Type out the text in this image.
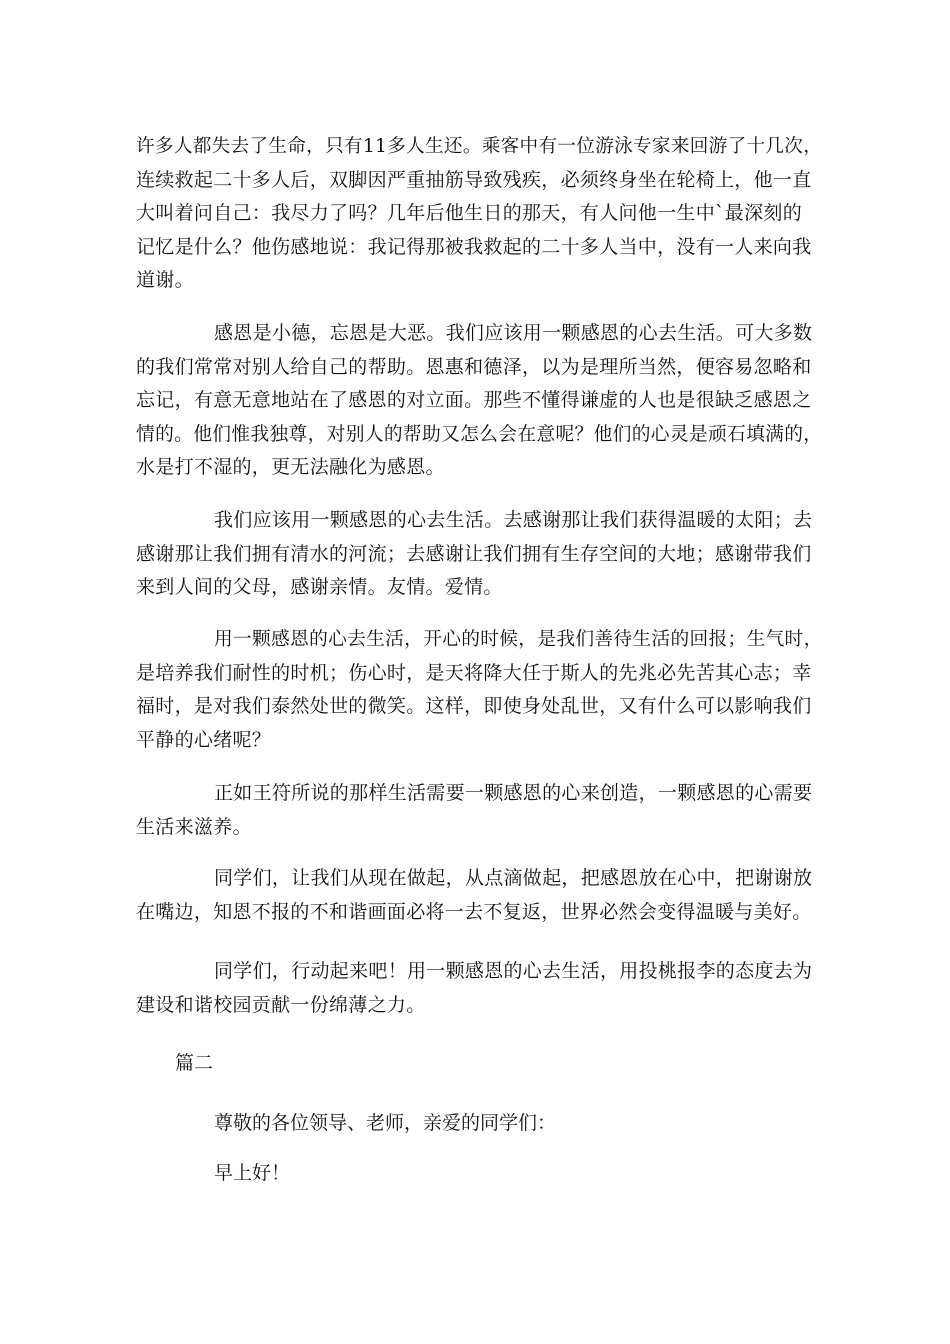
许多人都失去了生命，只有11多人生还。乘客中有一位游泳专家来回游了十几次，
连续救起二十多人后，双脚因严重抽筋导致残疾，必须终身坐在轮椅上，他一直
大叫着问自己：我尽力了吗？几年后他生日的那天，有人问他一生中`最深刻的
记忆是什么？他伤感地说：我记得那被我救起的二十多人当中，没有一人来向我
道谢。
感恩是小德，忘恩是大恶。我们应该用一颗感恩的心去生活。可大多数
的我们常常对别人给自己的帮助。恩惠和德泽，以为是理所当然，便容易忽略和
忘记，有意无意地站在了感恩的对立面。那些不懂得谦虚的人也是很缺乏感恩之
情的。他们惟我独尊，对别人的帮助又怎么会在意呢？他们的心灵是顽石填满的，
水是打不湿的，更无法融化为感恩。
我们应该用一颗感恩的心去生活。去感谢那让我们获得温暖的太阳；去
感谢那让我们拥有清水的河流；去感谢让我们拥有生存空间的大地；感谢带我们
来到人间的父母，感谢亲情。友情。爱情。
用一颗感恩的心去生活，开心的时候，是我们善待生活的回报；生气时，
是培养我们耐性的时机；伤心时，是天将降大任于斯人的先兆必先苦其心志；幸
福时，是对我们泰然处世的微笑。这样，即使身处乱世，又有什么可以影响我们
平静的心绪呢？
正如王符所说的那样生活需要一颗感恩的心来创造，一颗感恩的心需要
生活来滋养。
同学们，让我们从现在做起，从点滴做起，把感恩放在心中，把谢谢放
在嘴边，知恩不报的不和谐画面必将一去不复返，世界必然会变得温暖与美好。
同学们，行动起来吧！用一颗感恩的心去生活，用投桃报李的态度去为
建设和谐校园贡献一份绵薄之力。
篇二
尊敬的各位领导、老师，亲爱的同学们：
早上好！
